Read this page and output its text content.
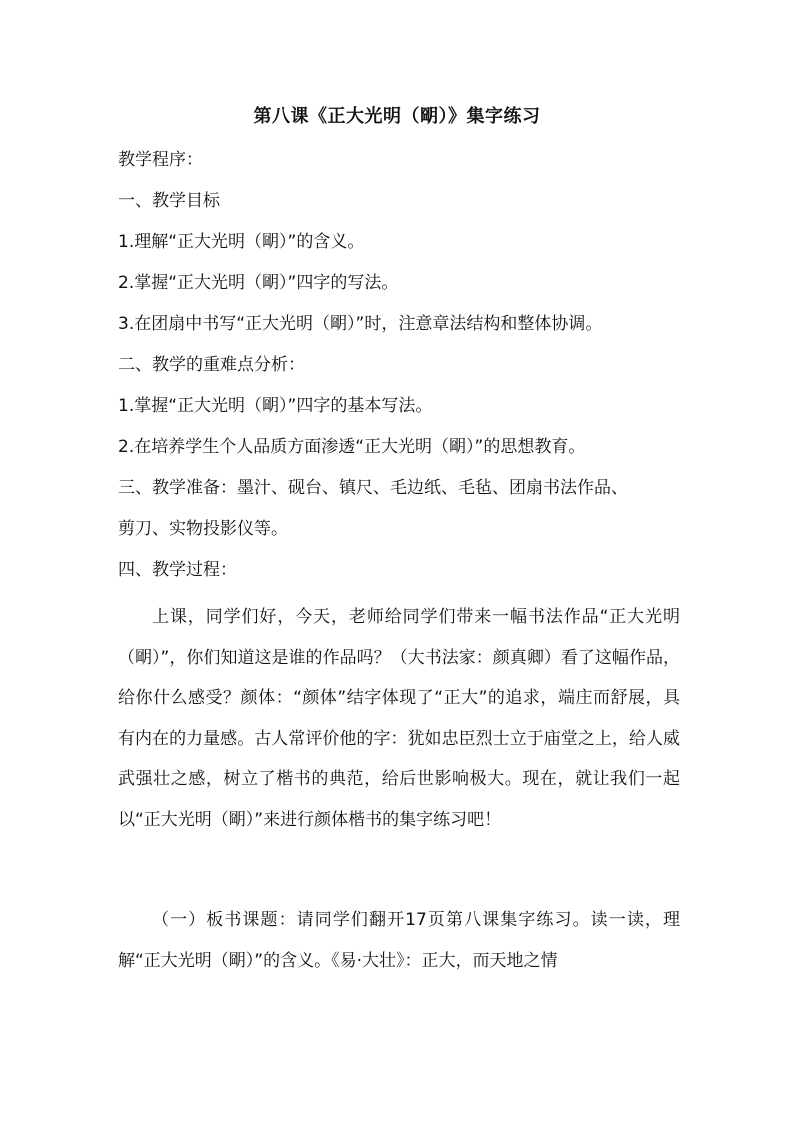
第八课《正大光明（朙）》集字练习
教学程序：
一、教学目标
1.理解“正大光明（朙）”的含义。
2.掌握“正大光明（朙）”四字的写法。
3.在团扇中书写“正大光明（朙）”时，注意章法结构和整体协调。
二、教学的重难点分析：
1.掌握“正大光明（朙）”四字的基本写法。
2.在培养学生个人品质方面渗透“正大光明（朙）”的思想教育。
三、教学准备：墨汁、砚台、镇尺、毛边纸、毛毡、团扇书法作品、
剪刀、实物投影仪等。
四、教学过程：
上课，同学们好，今天，老师给同学们带来一幅书法作品“正大光明（朙）”，你们知道这是谁的作品吗？（大书法家：颜真卿）看了这幅作品，给你什么感受？颜体：“颜体”结字体现了“正大”的追求，端庄而舒展，具有内在的力量感。古人常评价他的字：犹如忠臣烈士立于庙堂之上，给人威武强壮之感，树立了楷书的典范，给后世影响极大。现在，就让我们一起以“正大光明（朙）”来进行颜体楷书的集字练习吧！
（一）板书课题：请同学们翻开17页第八课集字练习。读一读，理解“正大光明（朙）”的含义。《易·大壮》：正大，而天地之情
